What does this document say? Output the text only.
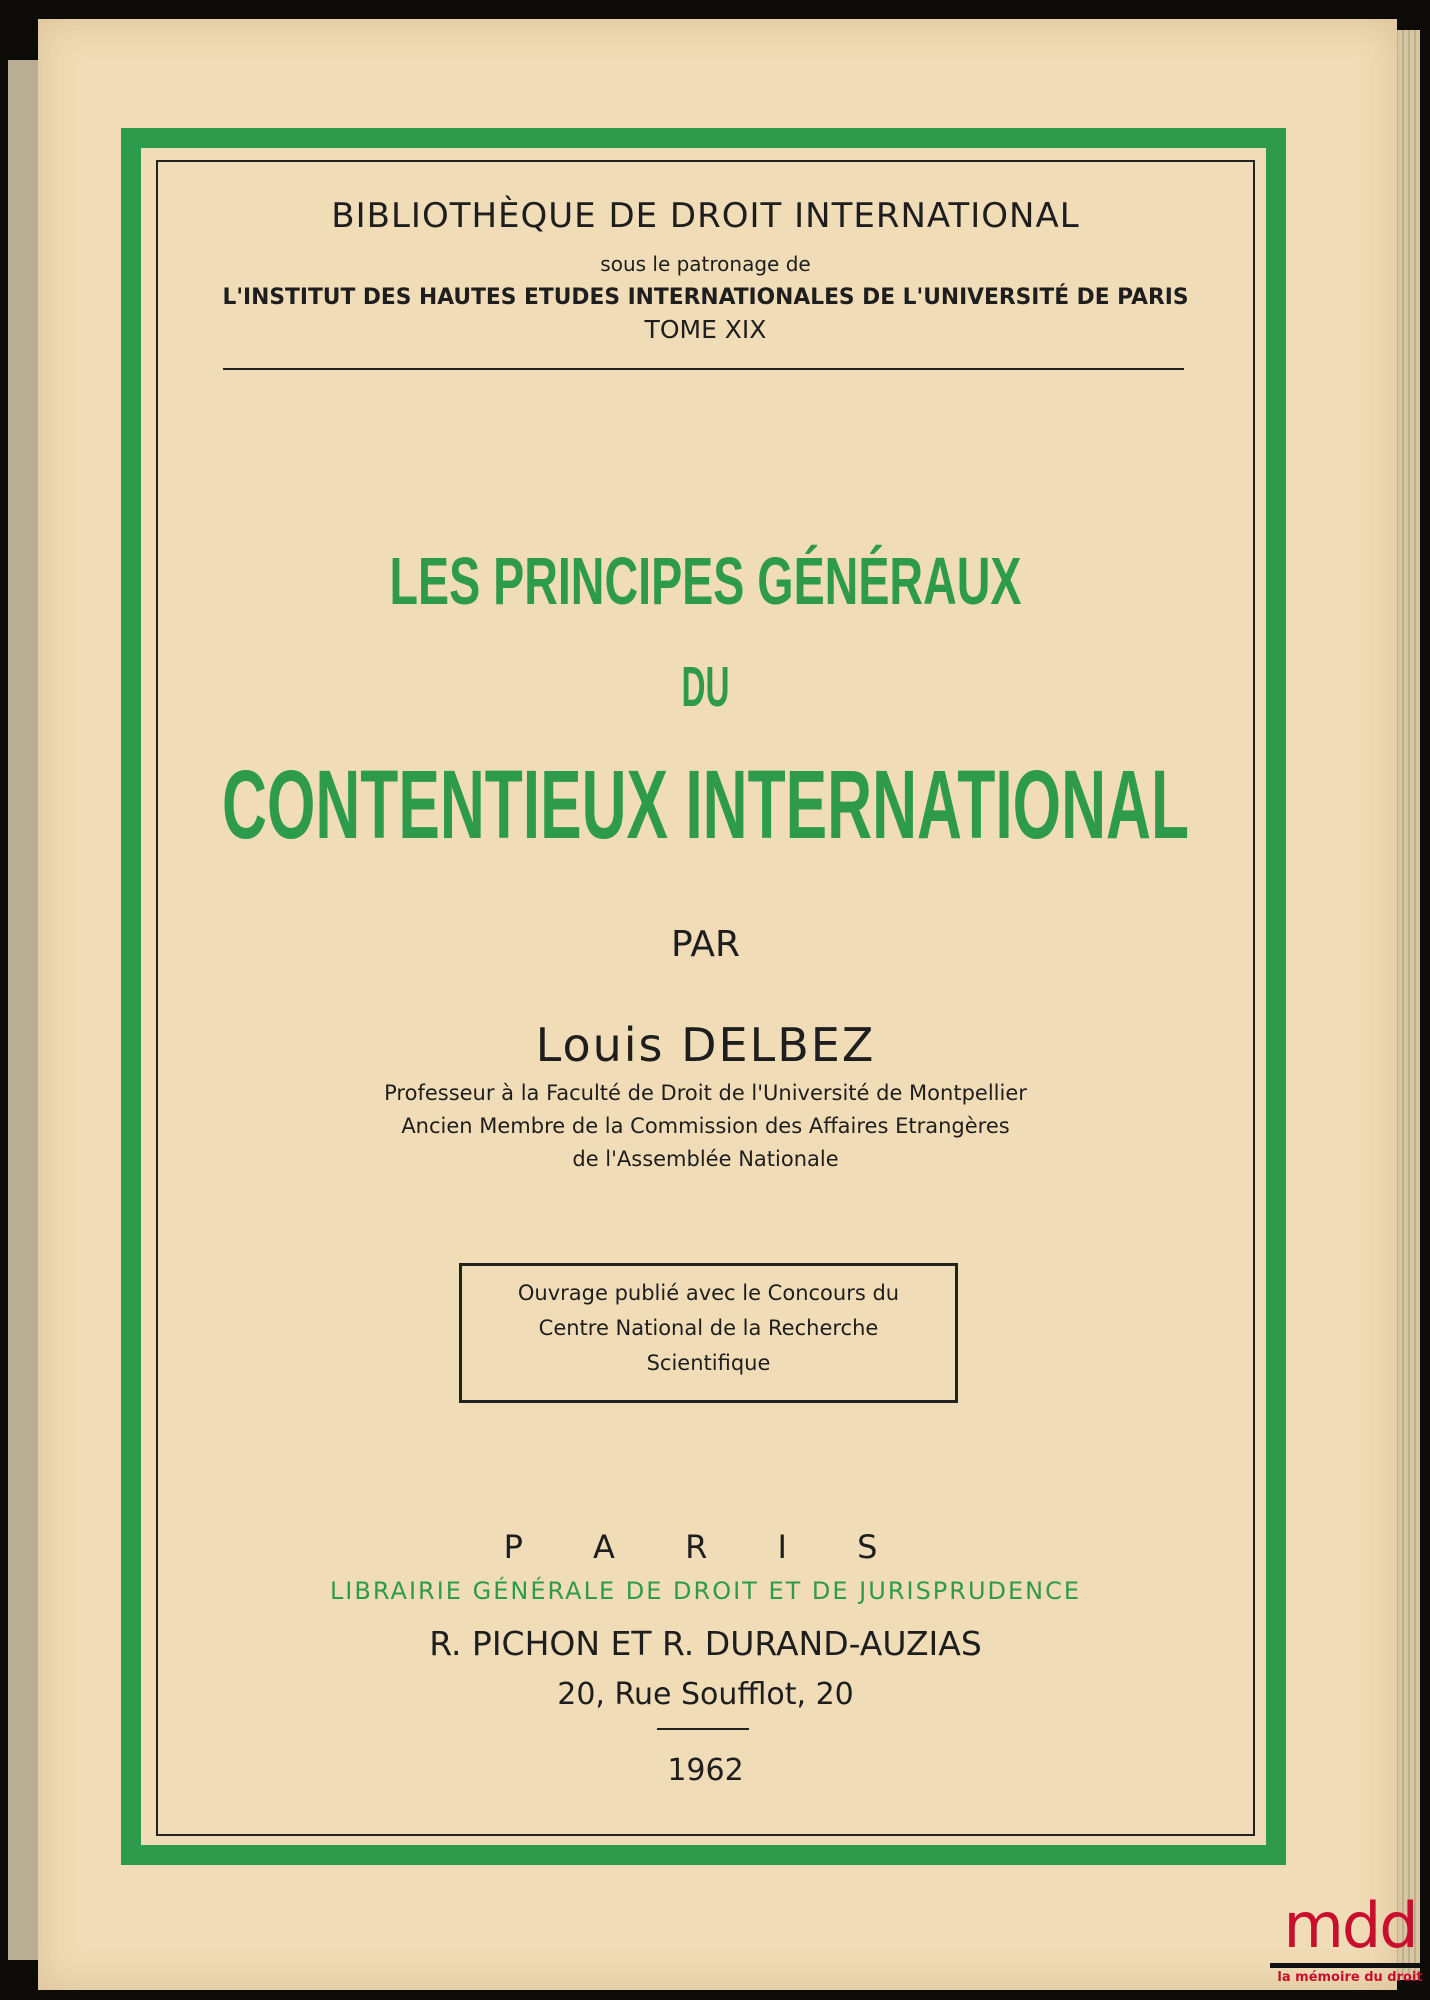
BIBLIOTHÈQUE DE DROIT INTERNATIONAL
sous le patronage de
L'INSTITUT DES HAUTES ETUDES INTERNATIONALES DE L'UNIVERSITÉ DE PARIS
TOME XIX
LES PRINCIPES GÉNÉRAUX
DU
CONTENTIEUX INTERNATIONAL
PAR
Louis DELBEZ
Professeur à la Faculté de Droit de l'Université de Montpellier
Ancien Membre de la Commission des Affaires Etrangères
de l'Assemblée Nationale
Ouvrage publié avec le Concours du
Centre National de la Recherche
Scientifique
P A R I S
LIBRAIRIE GÉNÉRALE DE DROIT ET DE JURISPRUDENCE
R. PICHON ET R. DURAND-AUZIAS
20, Rue Soufflot, 20
1962
mdd
la mémoire du droit
